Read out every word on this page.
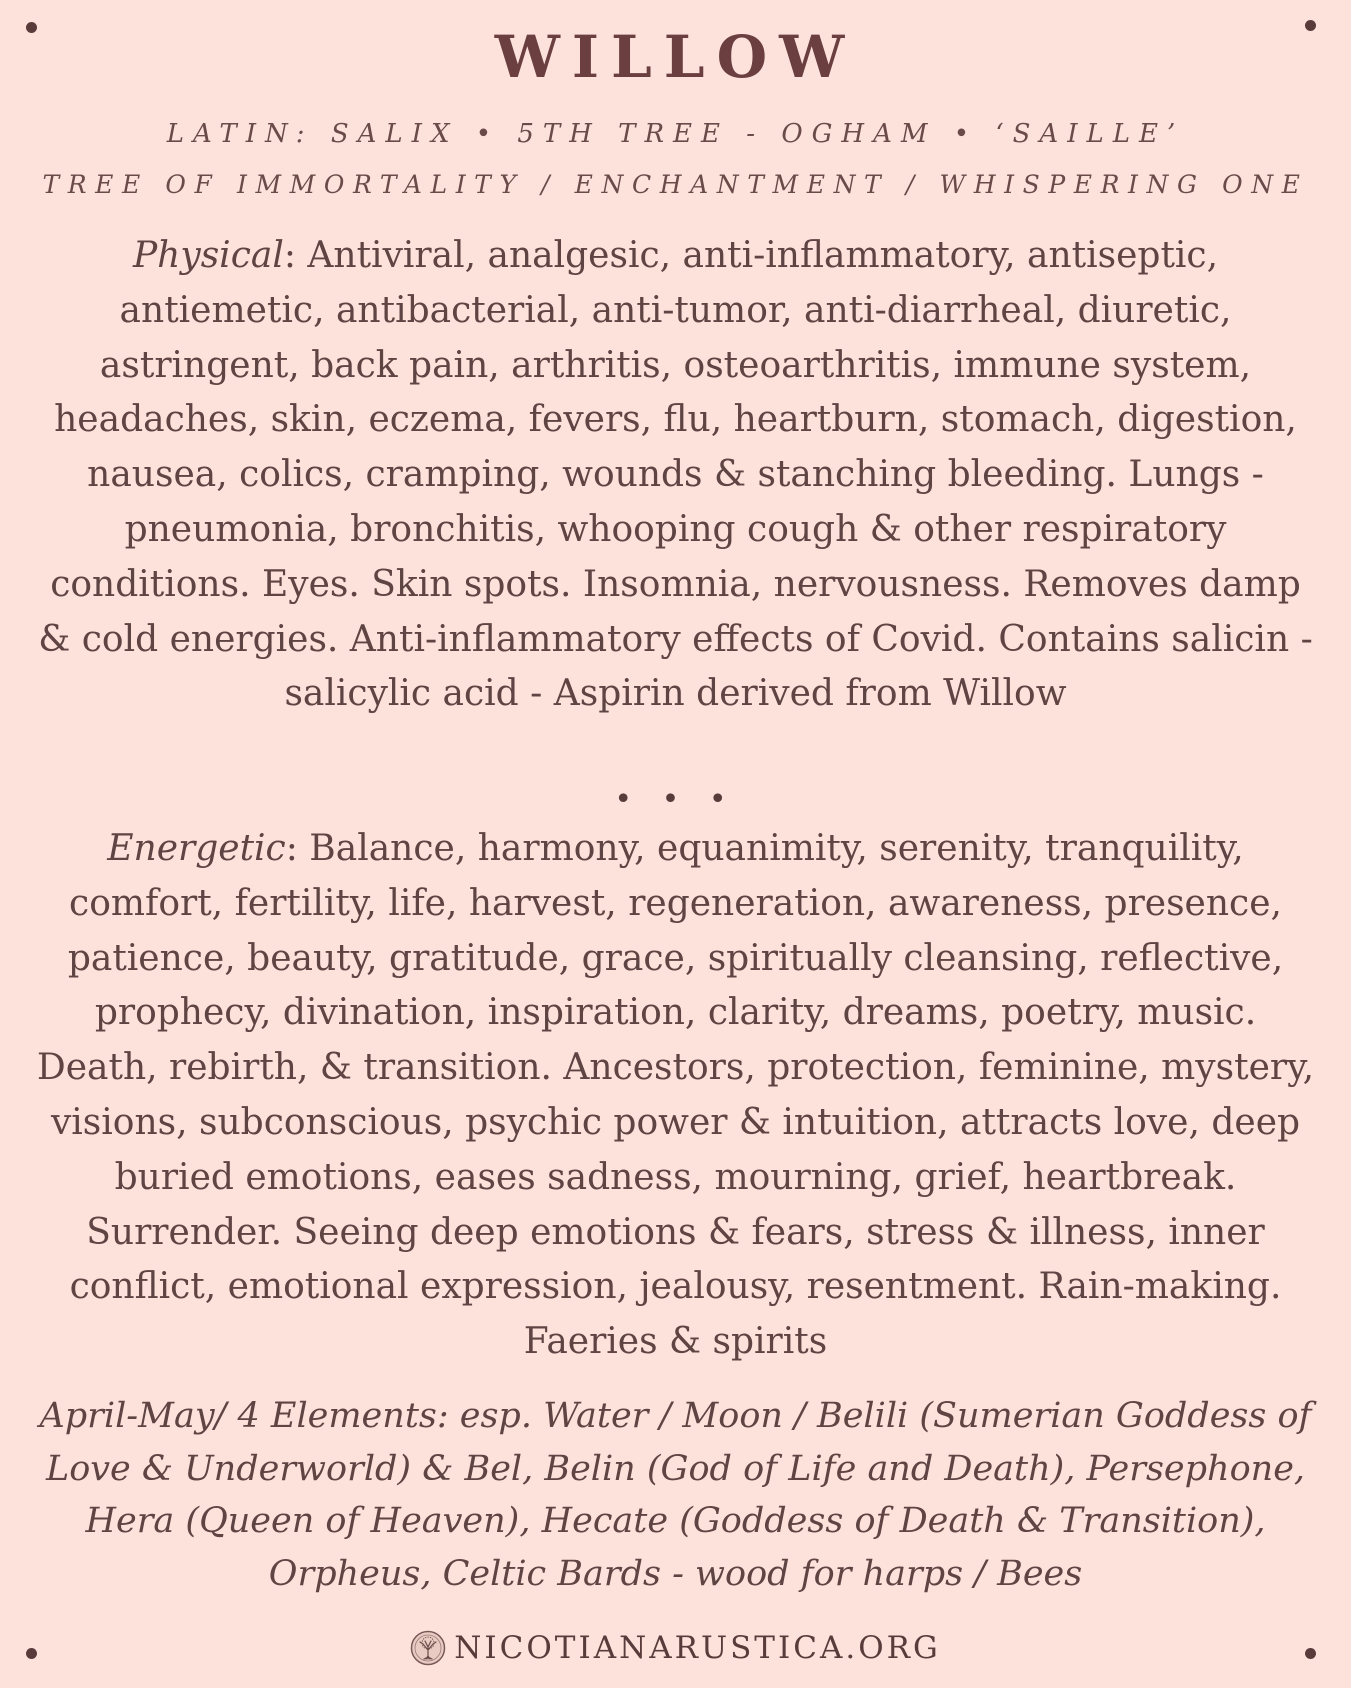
WILLOW
LATIN: SALIX • 5TH TREE - OGHAM • ‘SAILLE’
TREE OF IMMORTALITY / ENCHANTMENT / WHISPERING ONE
Physical: Antiviral, analgesic, anti-inflammatory, antiseptic, antiemetic, antibacterial, anti-tumor, anti-diarrheal, diuretic, astringent, back pain, arthritis, osteoarthritis, immune system, headaches, skin, eczema, fevers, flu, heartburn, stomach, digestion, nausea, colics, cramping, wounds & stanching bleeding. Lungs - pneumonia, bronchitis, whooping cough & other respiratory conditions. Eyes. Skin spots. Insomnia, nervousness. Removes damp & cold energies. Anti-inflammatory effects of Covid. Contains salicin - salicylic acid - Aspirin derived from Willow
• • •
Energetic: Balance, harmony, equanimity, serenity, tranquility, comfort, fertility, life, harvest, regeneration, awareness, presence, patience, beauty, gratitude, grace, spiritually cleansing, reflective, prophecy, divination, inspiration, clarity, dreams, poetry, music. Death, rebirth, & transition. Ancestors, protection, feminine, mystery, visions, subconscious, psychic power & intuition, attracts love, deep buried emotions, eases sadness, mourning, grief, heartbreak. Surrender. Seeing deep emotions & fears, stress & illness, inner conflict, emotional expression, jealousy, resentment. Rain-making. Faeries & spirits
April-May/ 4 Elements: esp. Water / Moon / Belili (Sumerian Goddess of Love & Underworld) & Bel, Belin (God of Life and Death), Persephone, Hera (Queen of Heaven), Hecate (Goddess of Death & Transition), Orpheus, Celtic Bards - wood for harps / Bees
NICOTIANARUSTICA.ORG
